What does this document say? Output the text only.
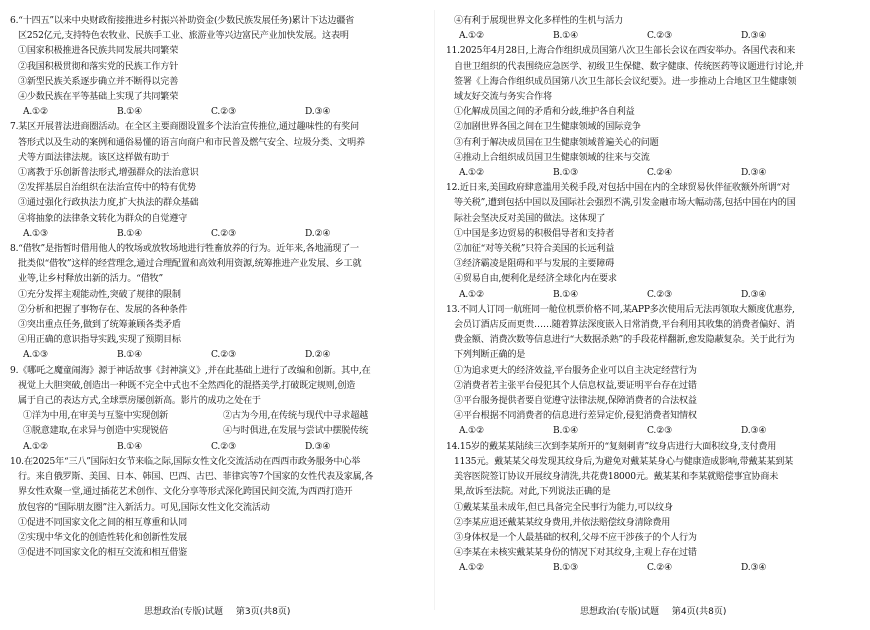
6.“十四五”以来中央财政衔接推进乡村振兴补助资金(少数民族发展任务)累计下达边疆省
区252亿元,支持特色农牧业、民族手工业、旅游业等兴边富民产业加快发展。这表明
①国家积极推进各民族共同发展共同繁荣
②我国积极贯彻和落实党的民族工作方针
③新型民族关系逐步确立并不断得以完善
④少数民族在平等基础上实现了共同繁荣
A.①②	B.①④	C.②③	D.③④
7.某区开展普法进商圈活动。在全区主要商圈设置多个法治宣传推位,通过趣味性的有奖问
答形式以及生动的案例和通俗易懂的语言向商户和市民普及燃气安全、垃圾分类、文明养
犬等方面法律法规。该区这样做有助于
①离教于乐创新普法形式,增强群众的法治意识
②发挥基层自治组织在法治宣传中的特有优势
③通过强化行政执法力度,扩大执法的群众基础
④将抽象的法律条文转化为群众的自觉遵守
A.①③	B.①④	C.②③	D.②④
8.“借牧”是指暂时借用他人的牧场或放牧场地进行牲畜放养的行为。近年来,各地涌现了一
批类似“借牧”这样的经营理念,通过合理配置和高效利用资源,统筹推进产业发展、乡工就
业等,让乡村释放出新的活力。“借牧”
①充分发挥主观能动性,突破了规律的限制
②分析和把握了事物存在、发展的各种条件
③突出重点任务,做到了统筹兼顾各类矛盾
④用正确的意识指导实践,实现了预期目标
A.①③	B.①④	C.②③	D.②④
9.《哪吒之魔童闹海》源于神话故事《封神演义》,并在此基础上进行了改编和创新。其中,在
视觉上大胆突破,创造出一种既不完全中式也不全然西化的混搭美学,打破既定规则,创造
属于自己的表达方式,全球票房屡创新高。影片的成功之处在于
①洋为中用,在审美与互鉴中实现创新	②古为今用,在传统与现代中寻求超越
③脱意建取,在求异与创造中实现锐倍	④与时俱进,在发展与尝试中摆脱传统
A.①②	B.①④	C.②③	D.③④
10.在2025年“三八”国际妇女节来临之际,国际女性文化交流活动在西西市政务服务中心举
行。来自俄罗斯、美国、日本、韩国、巴西、古巴、菲律宾等7个国家的女性代表及家属,各
界女性欢聚一堂,通过插花艺术创作、文化分享等形式深化跨国民间交流,为西西打造开
放包容的“国际朋友圈”注入新活力。可见,国际女性文化交流活动
①促进不同国家文化之间的相互尊重和认同
②实现中华文化的创造性转化和创新性发展
③促进不同国家文化的相互交流和相互借鉴
④有利于展现世界文化多样性的生机与活力
A.①②	B.①④	C.②③	D.③④
11.2025年4月28日,上海合作组织成员国第八次卫生部长会议在西安举办。各国代表和来
自世卫组织的代表围绕应急医学、初级卫生保健、数字健康、传统医药等议题进行讨论,并
签署《上海合作组织成员国第八次卫生部长会议纪要》。进一步推动上合地区卫生健康领
域友好交流与务实合作将
①化解成员国之间的矛盾和分歧,维护各自利益
②加剧世界各国之间在卫生健康领域的国际竞争
③有利于解决成员国在卫生健康领域普遍关心的问题
④推动上合组织成员国卫生健康领域的往来与交流
A.①②	B.①③	C.②④	D.③④
12.近日来,美国政府肆意滥用关税手段,对包括中国在内的全球贸易伙伴征收额外所谓“对
等关税”,遭到包括中国以及国际社会强烈不满,引发金融市场大幅动荡,包括中国在内的国
际社会坚决反对美国的做法。这体现了
①中国是多边贸易的积极倡导者和支持者
②加征“对等关税”只符合美国的长远利益
③经济霸凌是阻碍和平与发展的主要障碍
④贸易自由,便利化是经济全球化内在要求
A.①②	B.①④	C.②③	D.③④
13.不同人订同一航班同一舱位机票价格不同,某APP多次使用后无法再领取大额度优惠券,
会员订酒店反而更贵……随着算法深度嵌入日常消费,平台利用其收集的消费者偏好、消
费金额、消费次数等信息进行“大数据杀熟”的手段花样翻新,愈发隐蔽复杂。关于此行为
下列判断正确的是
①为追求更大的经济效益,平台服务企业可以自主决定经营行为
②消费者若主张平台侵犯其个人信息权益,要证明平台存在过错
③平台服务提供者要自觉遵守法律法规,保障消费者的合法权益
④平台根据不同消费者的信息进行差异定价,侵犯消费者知情权
A.①②	B.①④	C.②③	D.③④
14.15岁的戴某某陆续三次到李某所开的“复刻刺青”纹身店进行大面积纹身,支付费用
1135元。戴某某父母发现其纹身后,为避免对戴某某身心与健康造成影响,带戴某某到某
美容医院签订协议开展纹身清洗,共花费18000元。戴某某和李某就赔偿事宜协商未
果,故诉至法院。对此,下列说法正确的是
①戴某某虽未成年,但已具备完全民事行为能力,可以纹身
②李某应退还戴某某纹身费用,并依法赔偿纹身清除费用
③身体权是一个人最基础的权利,父母不应干涉孩子的个人行为
④李某在未核实戴某某身份的情况下对其纹身,主观上存在过错
A.①②	B.①③	C.②④	D.③④
思想政治(专版)试题 第3页(共8页)	思想政治(专版)试题 第4页(共8页)
